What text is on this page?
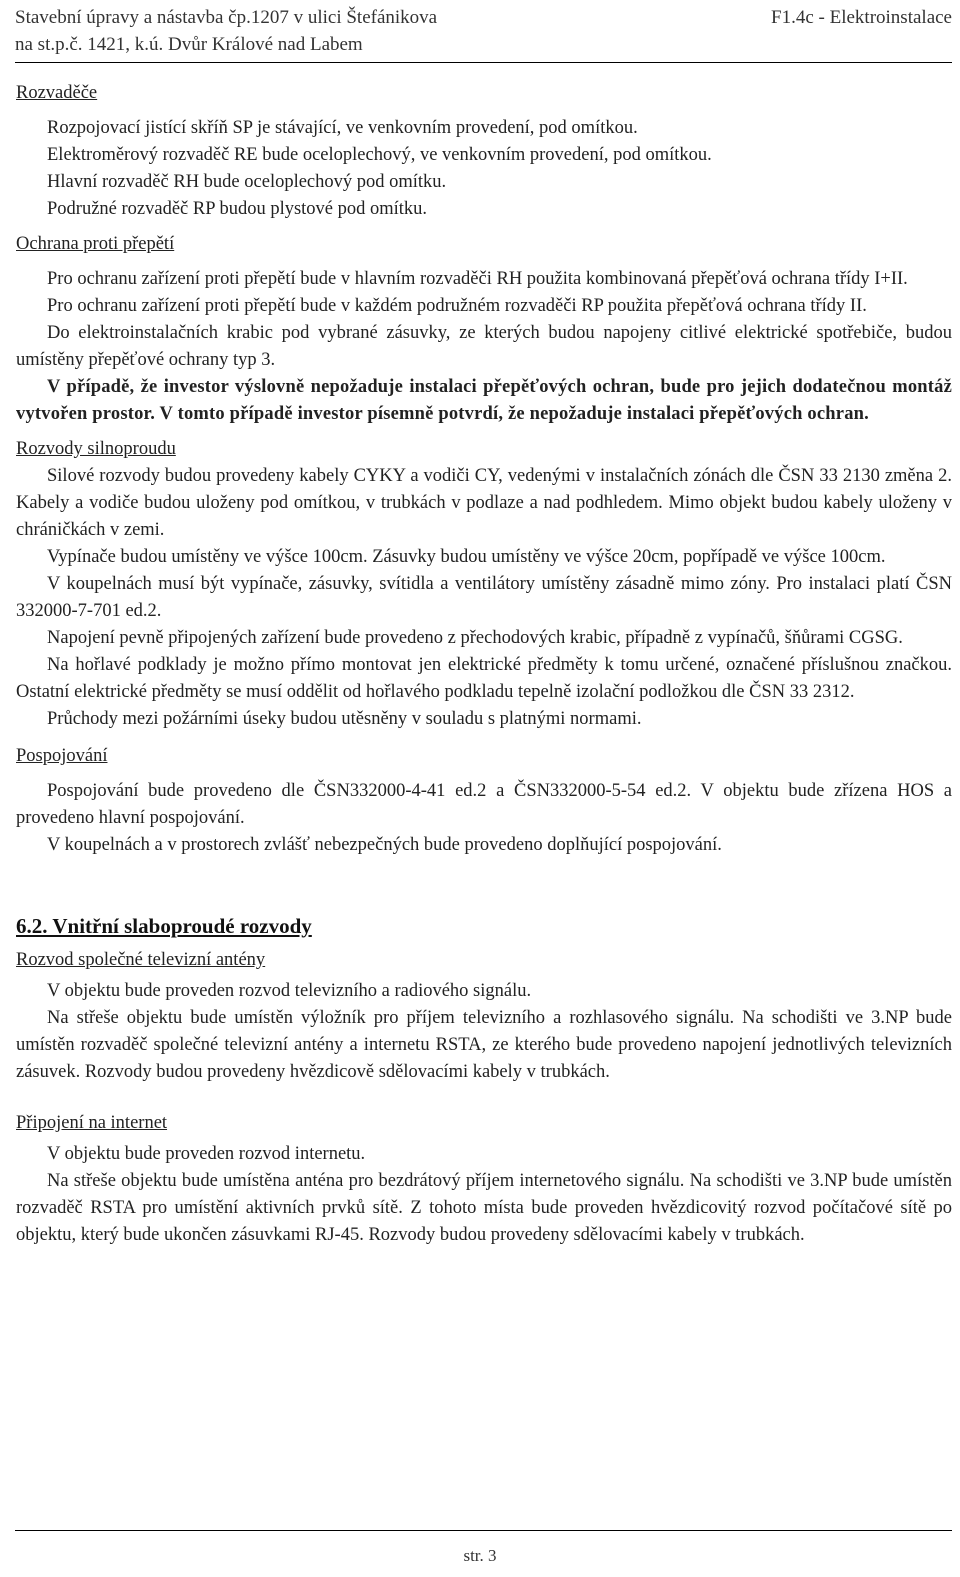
Stavební úpravy a nástavba čp.1207 v ulici Štefánikova
na st.p.č. 1421, k.ú. Dvůr Králové nad Labem
F1.4c - Elektroinstalace

Rozvaděče

Rozpojovací jistící skříň SP je stávající, ve venkovním provedení, pod omítkou.

Elektroměrový rozvaděč RE bude oceloplechový, ve venkovním provedení, pod omítkou.

Hlavní rozvaděč RH bude oceloplechový pod omítku.

Podružné rozvaděč RP budou plystové pod omítku.

Ochrana proti přepětí

Pro ochranu zařízení proti přepětí bude v hlavním rozvaděči RH použita kombinovaná přepěťová ochrana třídy I+II.

Pro ochranu zařízení proti přepětí bude v každém podružném rozvaděči RP použita přepěťová ochrana třídy II.

Do elektroinstalačních krabic pod vybrané zásuvky, ze kterých budou napojeny citlivé elektrické spotřebiče, budou umístěny přepěťové ochrany typ 3.

V případě, že investor výslovně nepožaduje instalaci přepěťových ochran, bude pro jejich dodatečnou montáž vytvořen prostor. V tomto případě investor písemně potvrdí, že nepožaduje instalaci přepěťových ochran.

Rozvody silnoproudu

Silové rozvody budou provedeny kabely CYKY a vodiči CY, vedenými v instalačních zónách dle ČSN 33 2130 změna 2. Kabely a vodiče budou uloženy pod omítkou, v trubkách v podlaze a nad podhledem. Mimo objekt budou kabely uloženy v chráničkách v zemi.

Vypínače budou umístěny ve výšce 100cm. Zásuvky budou umístěny ve výšce 20cm, popřípadě ve výšce 100cm.

V koupelnách musí být vypínače, zásuvky, svítidla a ventilátory umístěny zásadně mimo zóny. Pro instalaci platí ČSN 332000-7-701 ed.2.

Napojení pevně připojených zařízení bude provedeno z přechodových krabic, případně z vypínačů, šňůrami CGSG.

Na hořlavé podklady je možno přímo montovat jen elektrické předměty k tomu určené, označené příslušnou značkou. Ostatní elektrické předměty se musí oddělit od hořlavého podkladu tepelně izolační podložkou dle ČSN 33 2312.

Průchody mezi požárními úseky budou utěsněny v souladu s platnými normami.

Pospojování

Pospojování bude provedeno dle ČSN332000-4-41 ed.2 a ČSN332000-5-54 ed.2. V objektu bude zřízena HOS a provedeno hlavní pospojování.

V koupelnách a v prostorech zvlášť nebezpečných bude provedeno doplňující pospojování.

6.2. Vnitřní slaboproudé rozvody

Rozvod společné televizní antény

V objektu bude proveden rozvod televizního a radiového signálu.

Na střeše objektu bude umístěn výložník pro příjem televizního a rozhlasového signálu. Na schodišti ve 3.NP bude umístěn rozvaděč společné televizní antény a internetu RSTA, ze kterého bude provedeno napojení jednotlivých televizních zásuvek. Rozvody budou provedeny hvězdicově sdělovacími kabely v trubkách.

Připojení na internet

V objektu bude proveden rozvod internetu.

Na střeše objektu bude umístěna anténa pro bezdrátový příjem internetového signálu. Na schodišti ve 3.NP bude umístěn rozvaděč RSTA pro umístění aktivních prvků sítě. Z tohoto místa bude proveden hvězdicovitý rozvod počítačové sítě po objektu, který bude ukončen zásuvkami RJ-45. Rozvody budou provedeny sdělovacími kabely v trubkách.

str. 3
